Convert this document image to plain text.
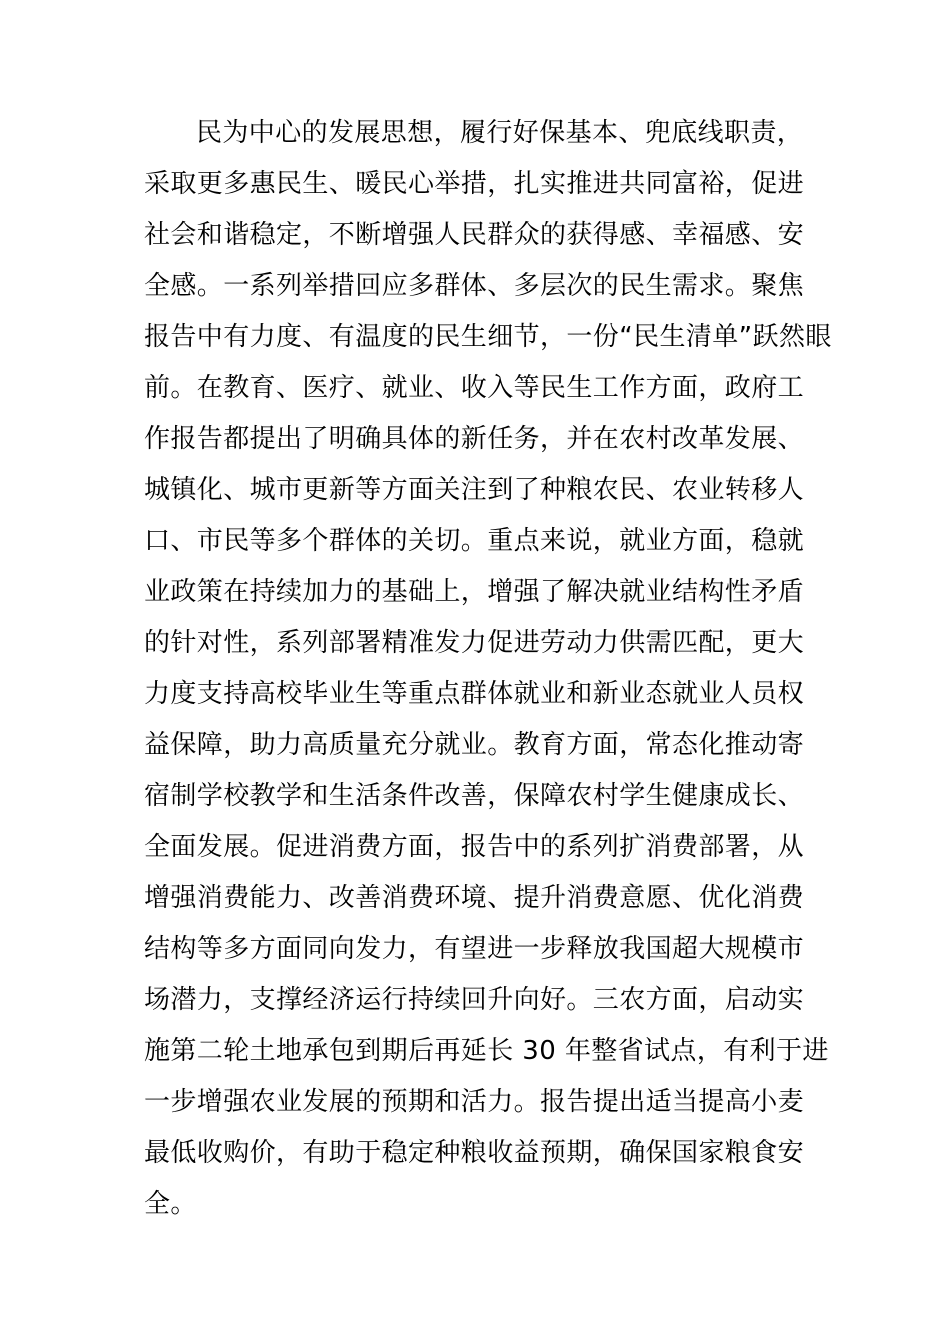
民为中心的发展思想，履行好保基本、兜底线职责，
采取更多惠民生、暖民心举措，扎实推进共同富裕，促进
社会和谐稳定，不断增强人民群众的获得感、幸福感、安
全感。一系列举措回应多群体、多层次的民生需求。聚焦
报告中有力度、有温度的民生细节，一份“民生清单”跃然眼
前。在教育、医疗、就业、收入等民生工作方面，政府工
作报告都提出了明确具体的新任务，并在农村改革发展、
城镇化、城市更新等方面关注到了种粮农民、农业转移人
口、市民等多个群体的关切。重点来说，就业方面，稳就
业政策在持续加力的基础上，增强了解决就业结构性矛盾
的针对性，系列部署精准发力促进劳动力供需匹配，更大
力度支持高校毕业生等重点群体就业和新业态就业人员权
益保障，助力高质量充分就业。教育方面，常态化推动寄
宿制学校教学和生活条件改善，保障农村学生健康成长、
全面发展。促进消费方面，报告中的系列扩消费部署，从
增强消费能力、改善消费环境、提升消费意愿、优化消费
结构等多方面同向发力，有望进一步释放我国超大规模市
场潜力，支撑经济运行持续回升向好。三农方面，启动实
施第二轮土地承包到期后再延长 30 年整省试点，有利于进
一步增强农业发展的预期和活力。报告提出适当提高小麦
最低收购价，有助于稳定种粮收益预期，确保国家粮食安
全。
